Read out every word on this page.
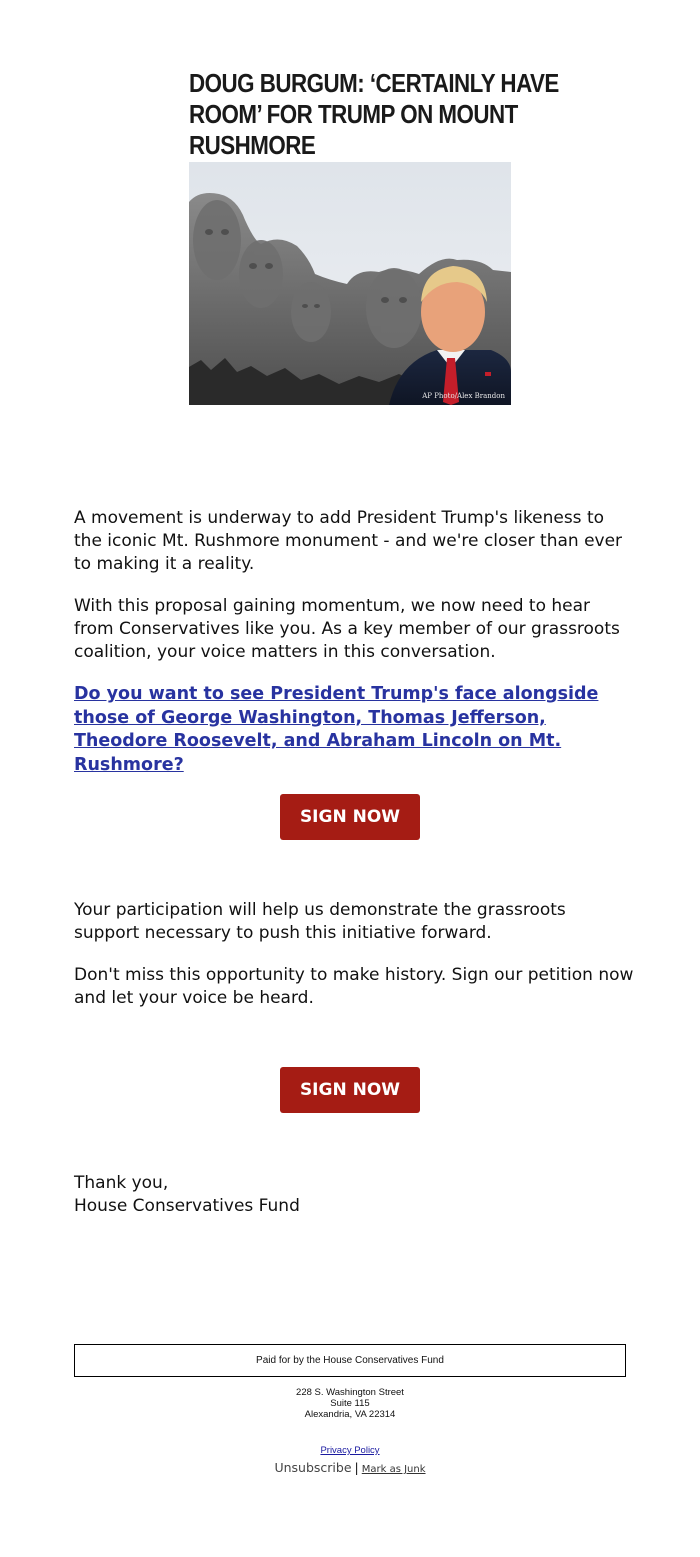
DOUG BURGUM: ‘CERTAINLY HAVE
ROOM’ FOR TRUMP ON MOUNT
RUSHMORE
AP Photo/Alex Brandon

A movement is underway to add President Trump's likeness to the iconic Mt. Rushmore monument - and we're closer than ever to making it a reality.

With this proposal gaining momentum, we now need to hear from Conservatives like you. As a key member of our grassroots coalition, your voice matters in this conversation.

Do you want to see President Trump's face alongside those of George Washington, Thomas Jefferson, Theodore Roosevelt, and Abraham Lincoln on Mt. Rushmore?
SIGN NOW

Your participation will help us demonstrate the grassroots support necessary to push this initiative forward.

Don't miss this opportunity to make history. Sign our petition now and let your voice be heard.

SIGN NOW

Thank you,
House Conservatives Fund

Paid for by the House Conservatives Fund
228 S. Washington Street
Suite 115
Alexandria, VA 22314
Privacy Policy
Unsubscribe | Mark as Junk
